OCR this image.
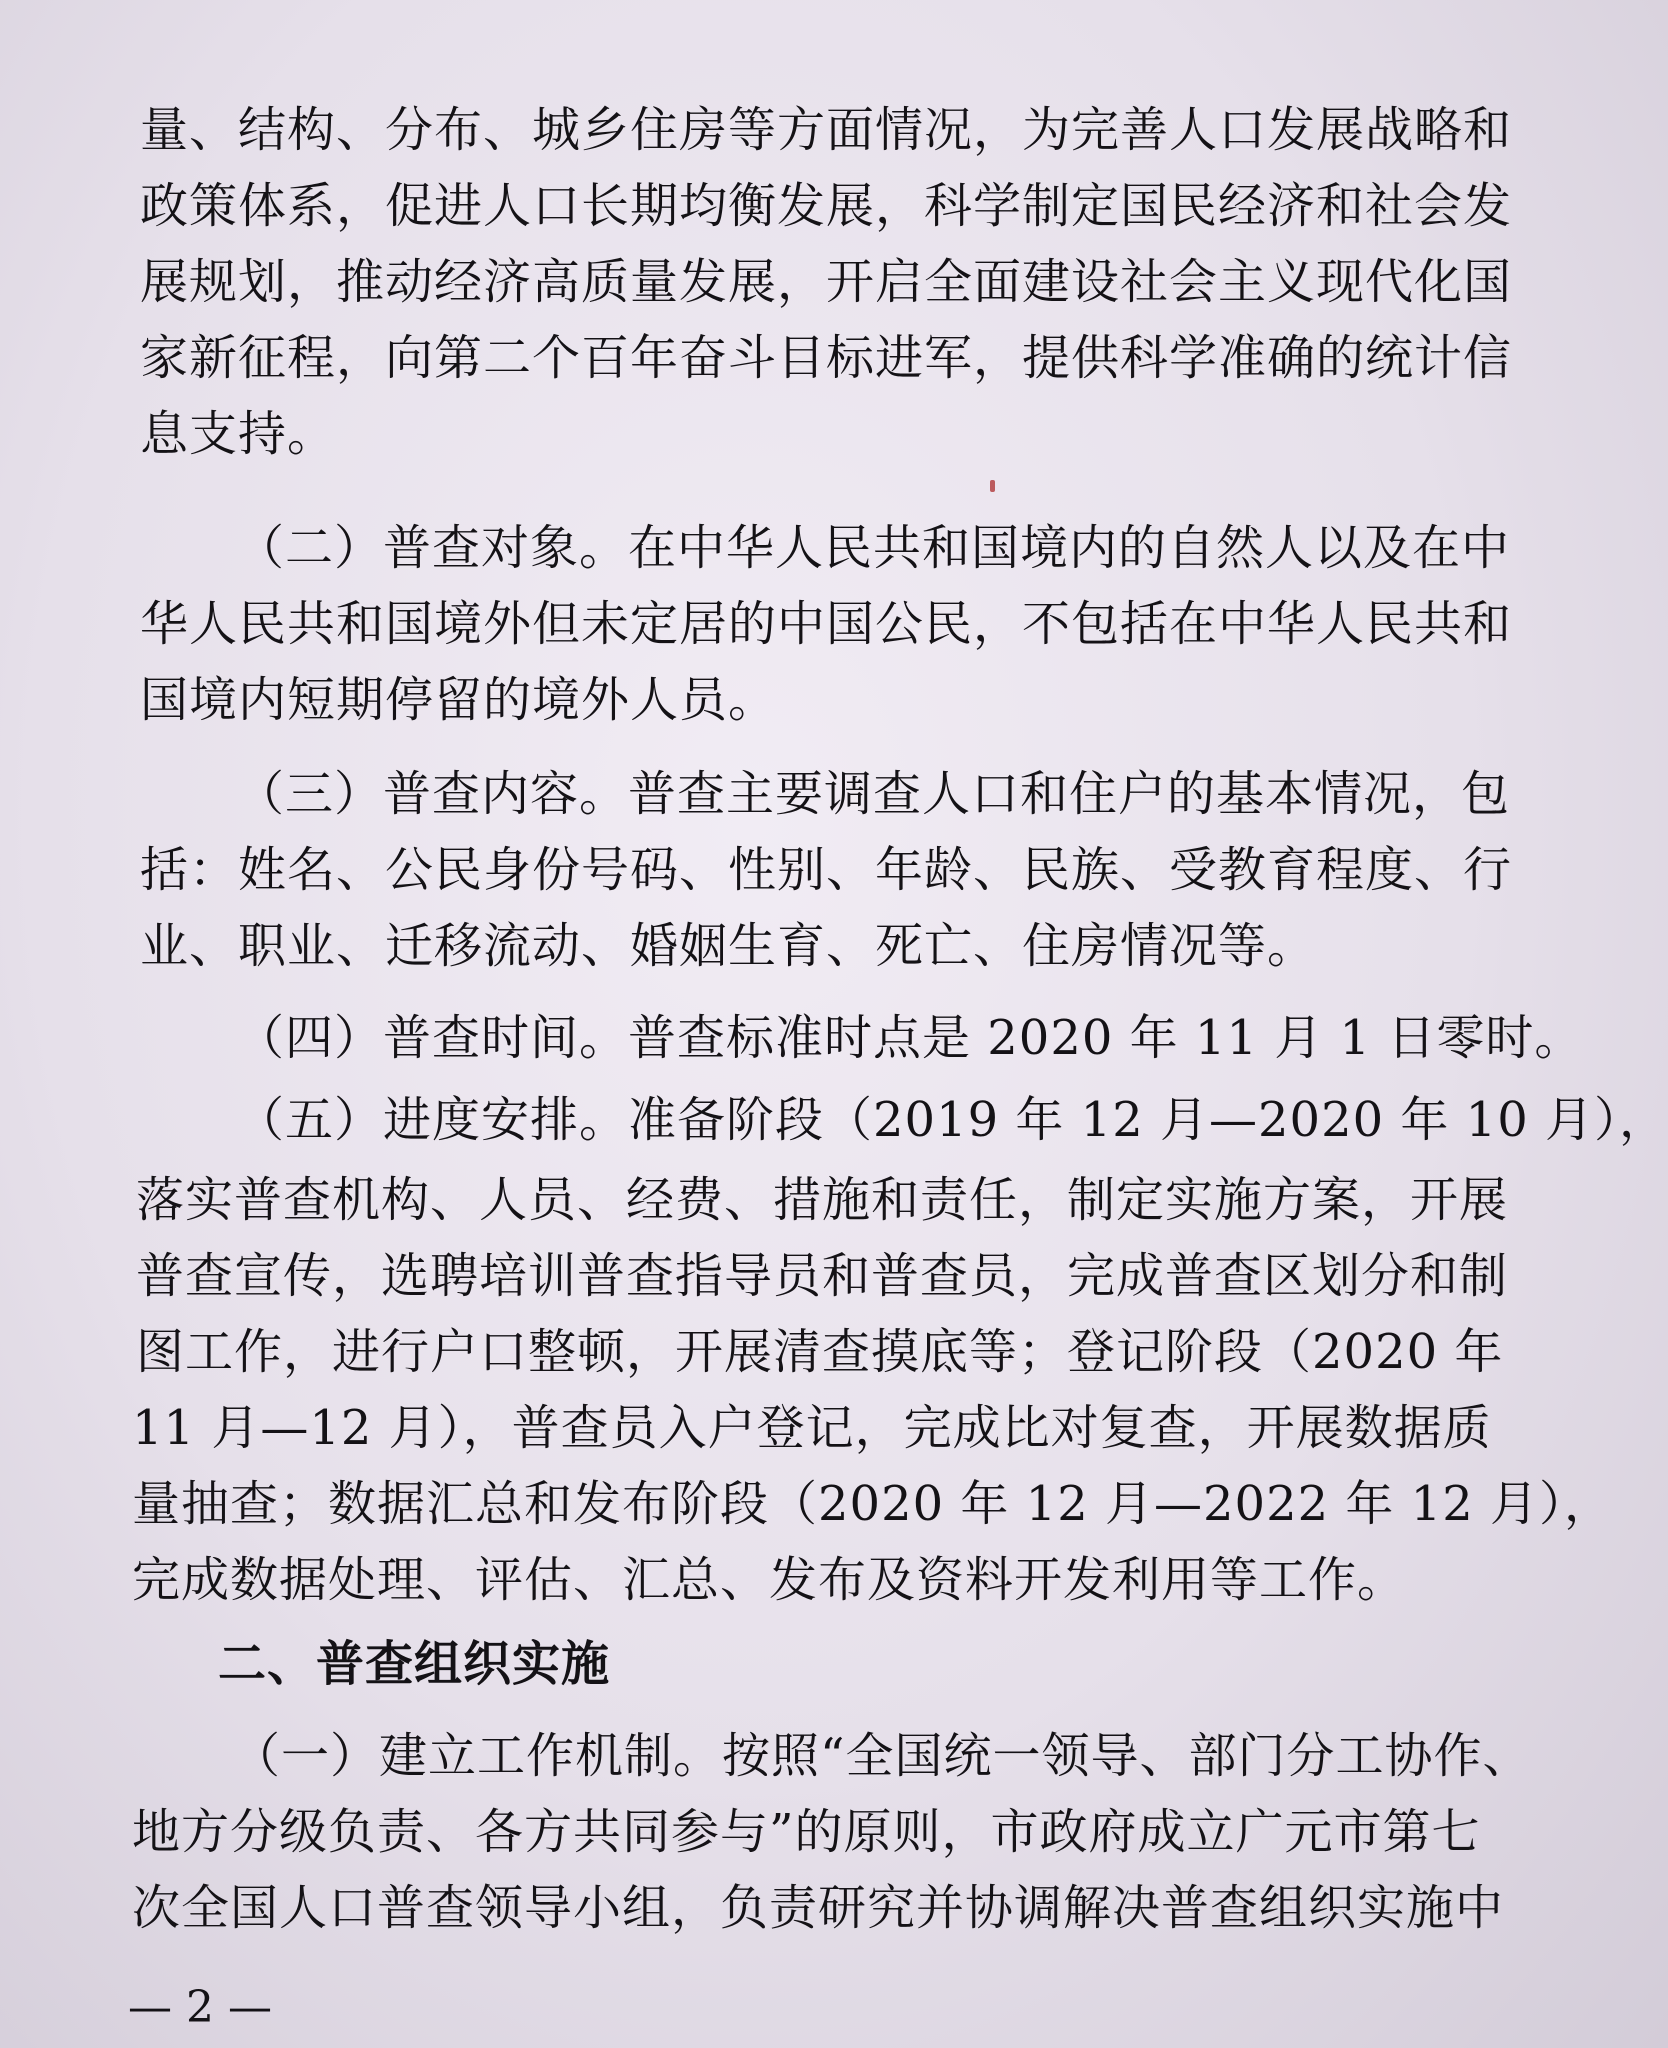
量、结构、分布、城乡住房等方面情况，为完善人口发展战略和
政策体系，促进人口长期均衡发展，科学制定国民经济和社会发
展规划，推动经济高质量发展，开启全面建设社会主义现代化国
家新征程，向第二个百年奋斗目标进军，提供科学准确的统计信
息支持。
（二）普查对象。在中华人民共和国境内的自然人以及在中
华人民共和国境外但未定居的中国公民，不包括在中华人民共和
国境内短期停留的境外人员。
（三）普查内容。普查主要调查人口和住户的基本情况，包
括：姓名、公民身份号码、性别、年龄、民族、受教育程度、行
业、职业、迁移流动、婚姻生育、死亡、住房情况等。
（四）普查时间。普查标准时点是 2020 年 11 月 1 日零时。
（五）进度安排。准备阶段（2019 年 12 月—2020 年 10 月），
落实普查机构、人员、经费、措施和责任，制定实施方案，开展
普查宣传，选聘培训普查指导员和普查员，完成普查区划分和制
图工作，进行户口整顿，开展清查摸底等；登记阶段（2020 年
11 月—12 月），普查员入户登记，完成比对复查，开展数据质
量抽查；数据汇总和发布阶段（2020 年 12 月—2022 年 12 月），
完成数据处理、评估、汇总、发布及资料开发利用等工作。
二、普查组织实施
（一）建立工作机制。按照“全国统一领导、部门分工协作、
地方分级负责、各方共同参与”的原则，市政府成立广元市第七
次全国人口普查领导小组，负责研究并协调解决普查组织实施中
— 2 —
